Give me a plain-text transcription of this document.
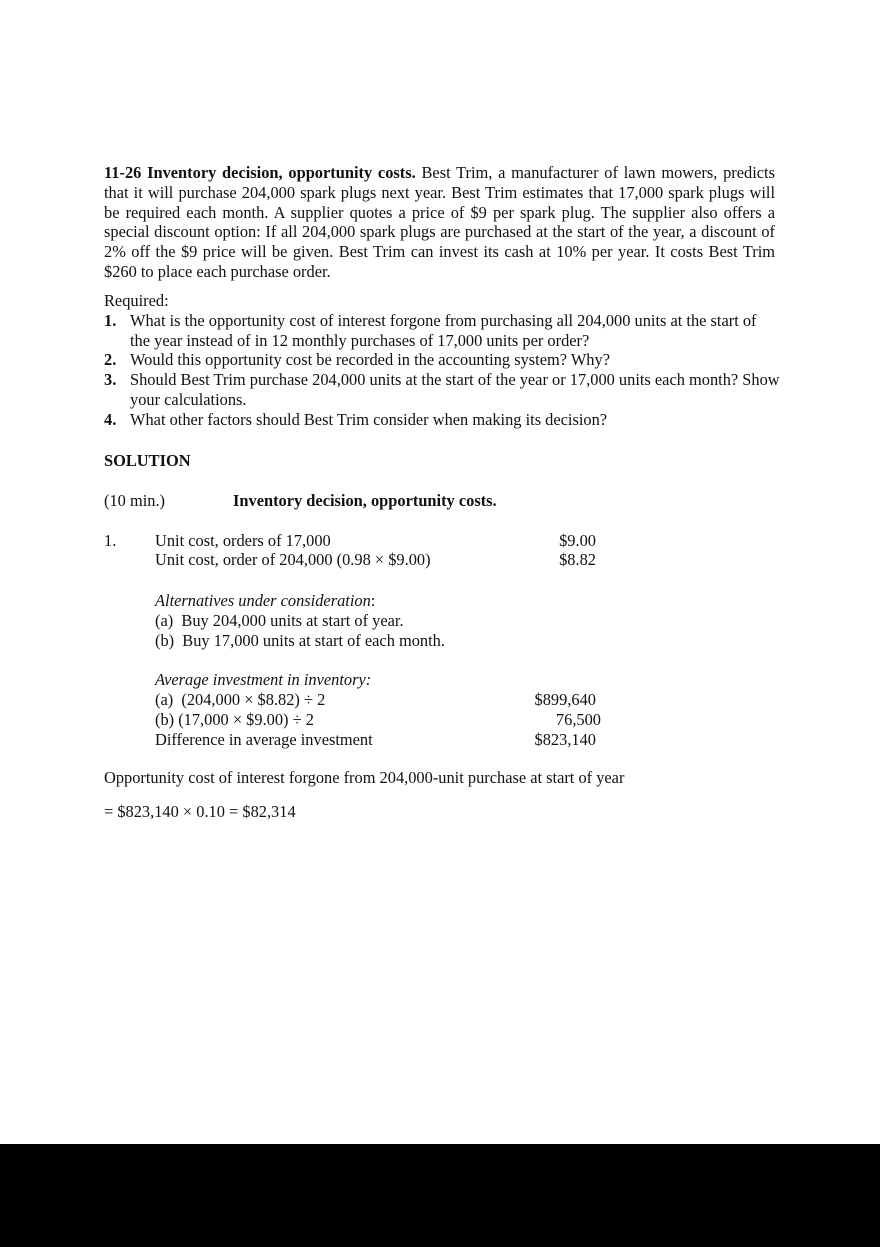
11-26 Inventory decision, opportunity costs. Best Trim, a manufacturer of lawn mowers, predicts that it will purchase 204,000 spark plugs next year. Best Trim estimates that 17,000 spark plugs will be required each month. A supplier quotes a price of $9 per spark plug. The supplier also offers a special discount option: If all 204,000 spark plugs are purchased at the start of the year, a discount of 2% off the $9 price will be given. Best Trim can invest its cash at 10% per year. It costs Best Trim $260 to place each purchase order.
Required:
1. What is the opportunity cost of interest forgone from purchasing all 204,000 units at the start of the year instead of in 12 monthly purchases of 17,000 units per order?
2. Would this opportunity cost be recorded in the accounting system? Why?
3. Should Best Trim purchase 204,000 units at the start of the year or 17,000 units each month? Show your calculations.
4. What other factors should Best Trim consider when making its decision?
SOLUTION
(10 min.)	Inventory decision, opportunity costs.
1. Unit cost, orders of 17,000	$9.00
Unit cost, order of 204,000 (0.98 × $9.00)	$8.82
Alternatives under consideration:
(a)  Buy 204,000 units at start of year.
(b)  Buy 17,000 units at start of each month.
Average investment in inventory:
(a)  (204,000 × $8.82) ÷ 2	$899,640
(b) (17,000 × $9.00) ÷ 2	76,500
Difference in average investment	$823,140
Opportunity cost of interest forgone from 204,000-unit purchase at start of year
= $823,140 × 0.10 = $82,314
